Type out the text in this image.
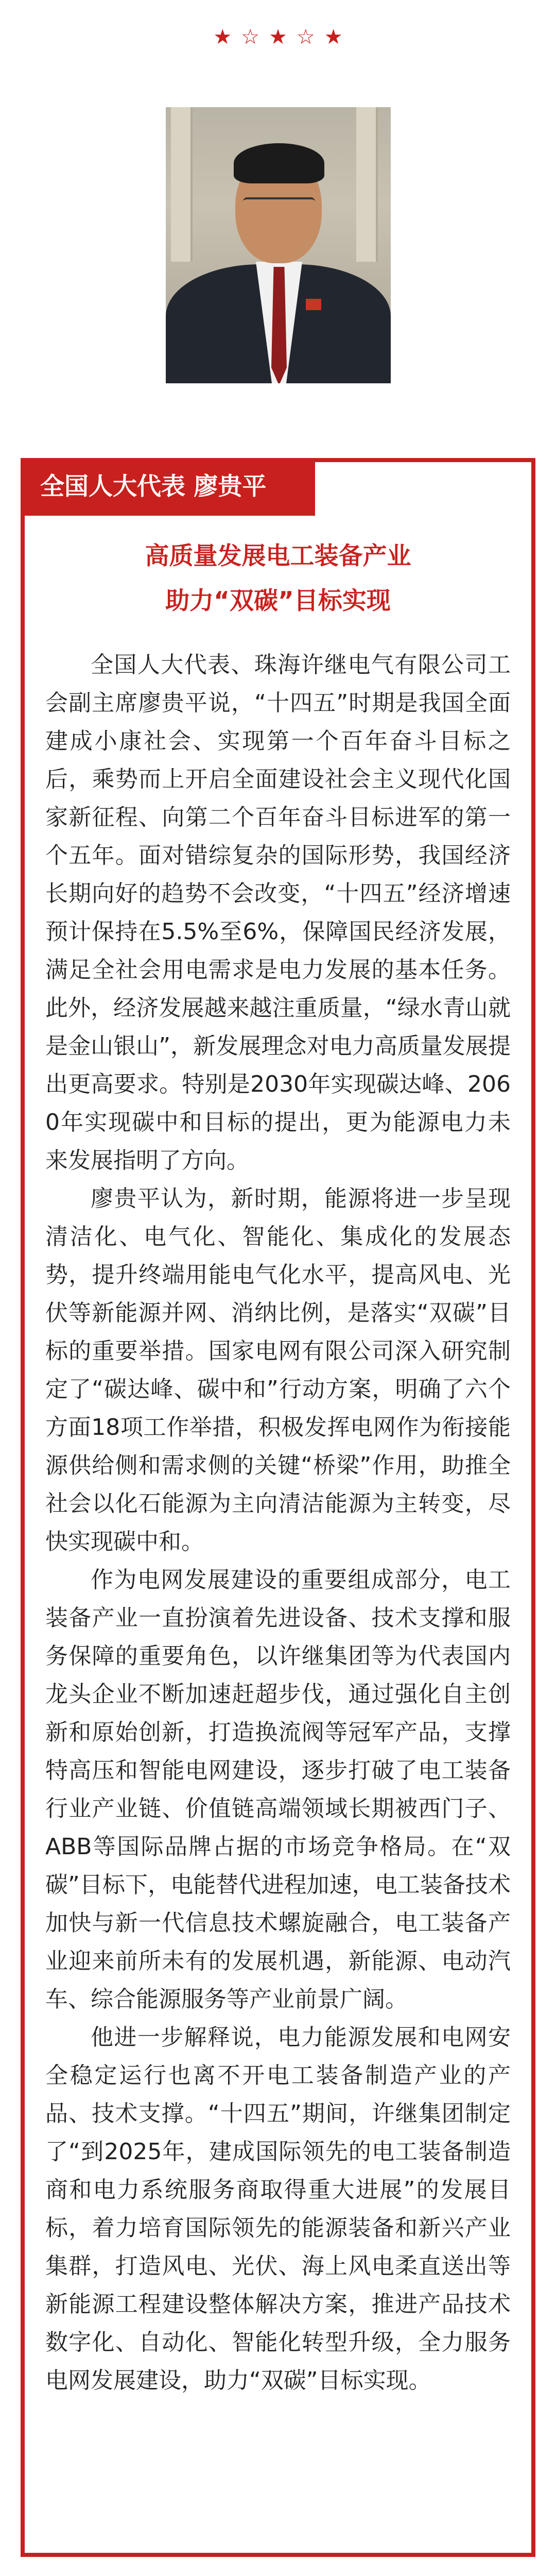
★ ☆ ★ ☆ ★
全国人大代表 廖贵平
高质量发展电工装备产业
助力“双碳”目标实现

全国人大代表、珠海许继电气有限公司工会副主席廖贵平说，“十四五”时期是我国全面建成小康社会、实现第一个百年奋斗目标之后，乘势而上开启全面建设社会主义现代化国家新征程、向第二个百年奋斗目标进军的第一个五年。面对错综复杂的国际形势，我国经济长期向好的趋势不会改变，“十四五”经济增速预计保持在5.5%至6%，保障国民经济发展，满足全社会用电需求是电力发展的基本任务。此外，经济发展越来越注重质量，“绿水青山就是金山银山”，新发展理念对电力高质量发展提出更高要求。特别是2030年实现碳达峰、2060年实现碳中和目标的提出，更为能源电力未来发展指明了方向。

廖贵平认为，新时期，能源将进一步呈现清洁化、电气化、智能化、集成化的发展态势，提升终端用能电气化水平，提高风电、光伏等新能源并网、消纳比例，是落实“双碳”目标的重要举措。国家电网有限公司深入研究制定了“碳达峰、碳中和”行动方案，明确了六个方面18项工作举措，积极发挥电网作为衔接能源供给侧和需求侧的关键“桥梁”作用，助推全社会以化石能源为主向清洁能源为主转变，尽快实现碳中和。

作为电网发展建设的重要组成部分，电工装备产业一直扮演着先进设备、技术支撑和服务保障的重要角色，以许继集团等为代表国内龙头企业不断加速赶超步伐，通过强化自主创新和原始创新，打造换流阀等冠军产品，支撑特高压和智能电网建设，逐步打破了电工装备行业产业链、价值链高端领域长期被西门子、ABB等国际品牌占据的市场竞争格局。在“双碳”目标下，电能替代进程加速，电工装备技术加快与新一代信息技术螺旋融合，电工装备产业迎来前所未有的发展机遇，新能源、电动汽车、综合能源服务等产业前景广阔。

他进一步解释说，电力能源发展和电网安全稳定运行也离不开电工装备制造产业的产品、技术支撑。“十四五”期间，许继集团制定了“到2025年，建成国际领先的电工装备制造商和电力系统服务商取得重大进展”的发展目标，着力培育国际领先的能源装备和新兴产业集群，打造风电、光伏、海上风电柔直送出等新能源工程建设整体解决方案，推进产品技术数字化、自动化、智能化转型升级，全力服务电网发展建设，助力“双碳”目标实现。
